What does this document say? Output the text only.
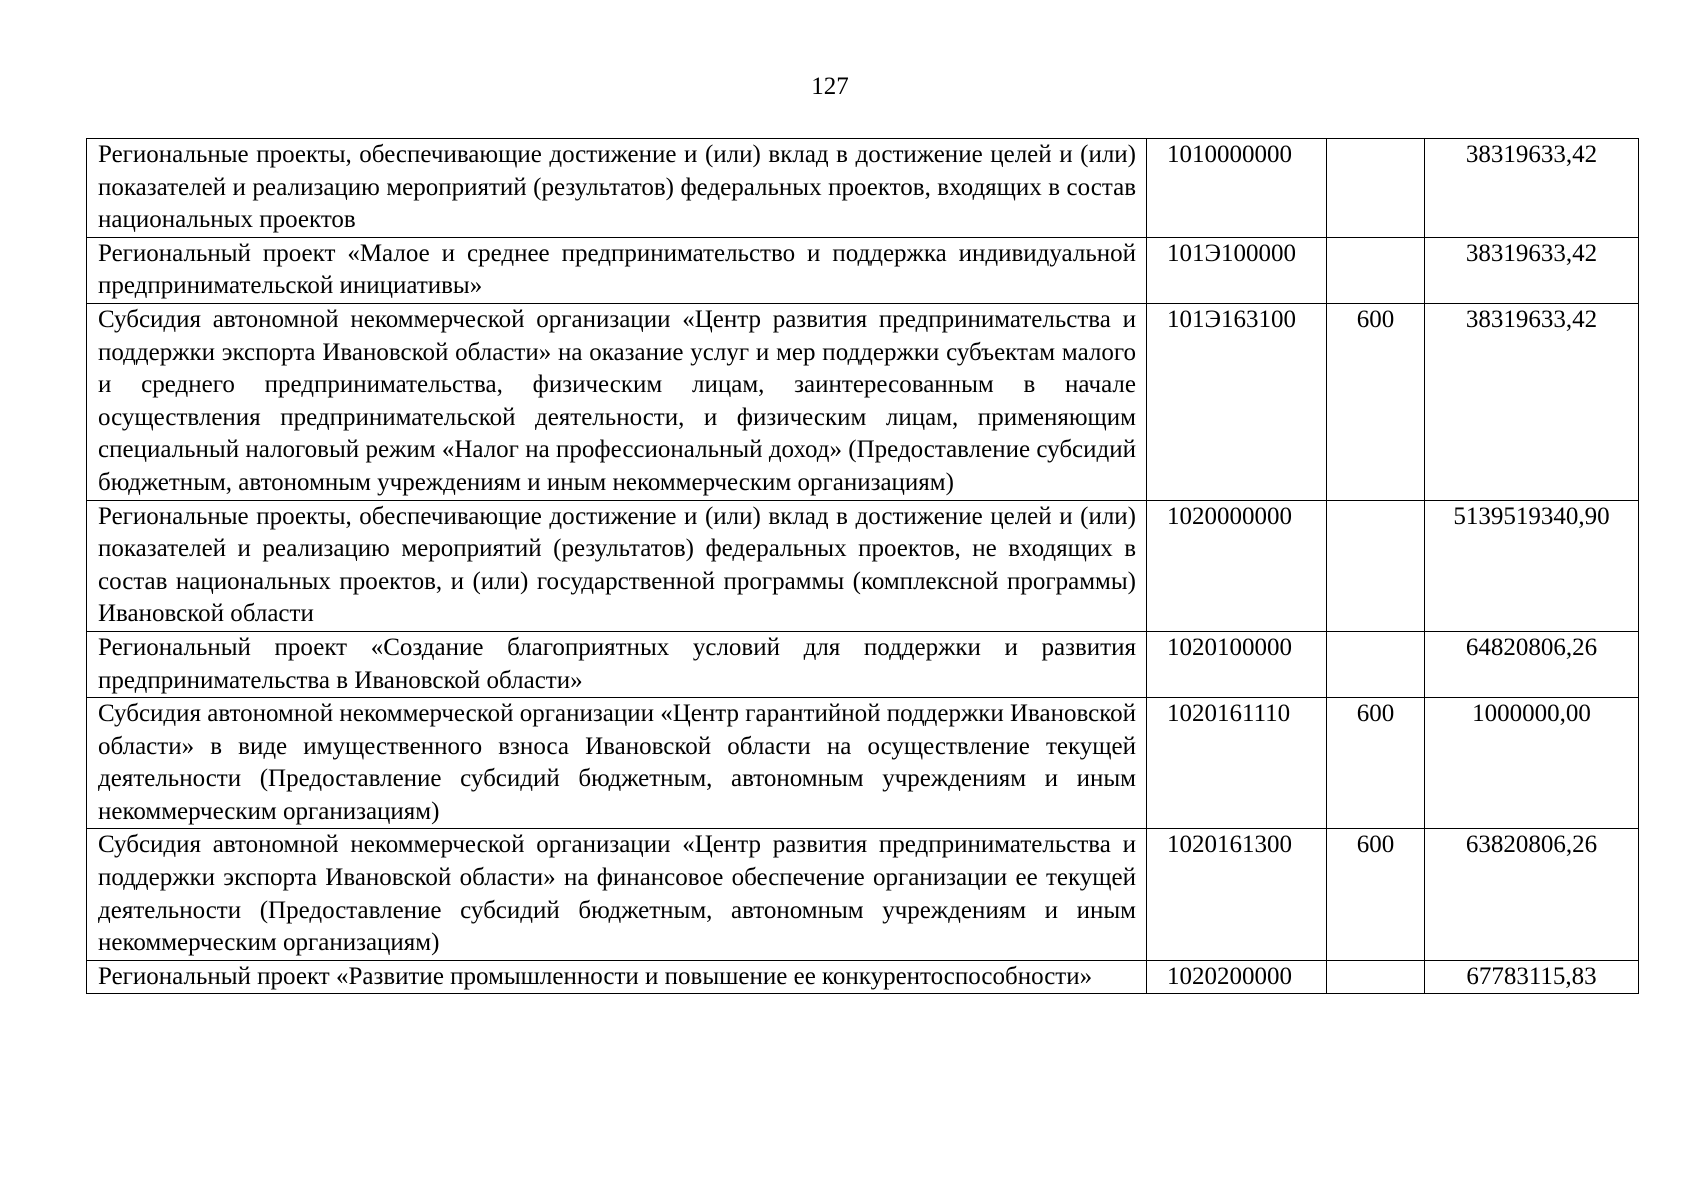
127
Региональные проекты, обеспечивающие достижение и (или) вклад в достижение целей и (или) показателей и реализацию мероприятий (результатов) федеральных проектов, входящих в состав национальных проектов	1010000000		38319633,42
Региональный проект «Малое и среднее предпринимательство и поддержка индивидуальной предпринимательской инициативы»	101Э100000		38319633,42
Субсидия автономной некоммерческой организации «Центр развития предпринимательства и поддержки экспорта Ивановской области» на оказание услуг и мер поддержки субъектам малого и среднего предпринимательства, физическим лицам, заинтересованным в начале осуществления предпринимательской деятельности, и физическим лицам, применяющим специальный налоговый режим «Налог на профессиональный доход» (Предоставление субсидий бюджетным, автономным учреждениям и иным некоммерческим организациям)	101Э163100	600	38319633,42
Региональные проекты, обеспечивающие достижение и (или) вклад в достижение целей и (или) показателей и реализацию мероприятий (результатов) федеральных проектов, не входящих в состав национальных проектов, и (или) государственной программы (комплексной программы) Ивановской области	1020000000		5139519340,90
Региональный проект «Создание благоприятных условий для поддержки и развития предпринимательства в Ивановской области»	1020100000		64820806,26
Субсидия автономной некоммерческой организации «Центр гарантийной поддержки Ивановской области» в виде имущественного взноса Ивановской области на осуществление текущей деятельности (Предоставление субсидий бюджетным, автономным учреждениям и иным некоммерческим организациям)	1020161110	600	1000000,00
Субсидия автономной некоммерческой организации «Центр развития предпринимательства и поддержки экспорта Ивановской области» на финансовое обеспечение организации ее текущей деятельности (Предоставление субсидий бюджетным, автономным учреждениям и иным некоммерческим организациям)	1020161300	600	63820806,26
Региональный проект «Развитие промышленности и повышение ее конкурентоспособности»	1020200000		67783115,83
